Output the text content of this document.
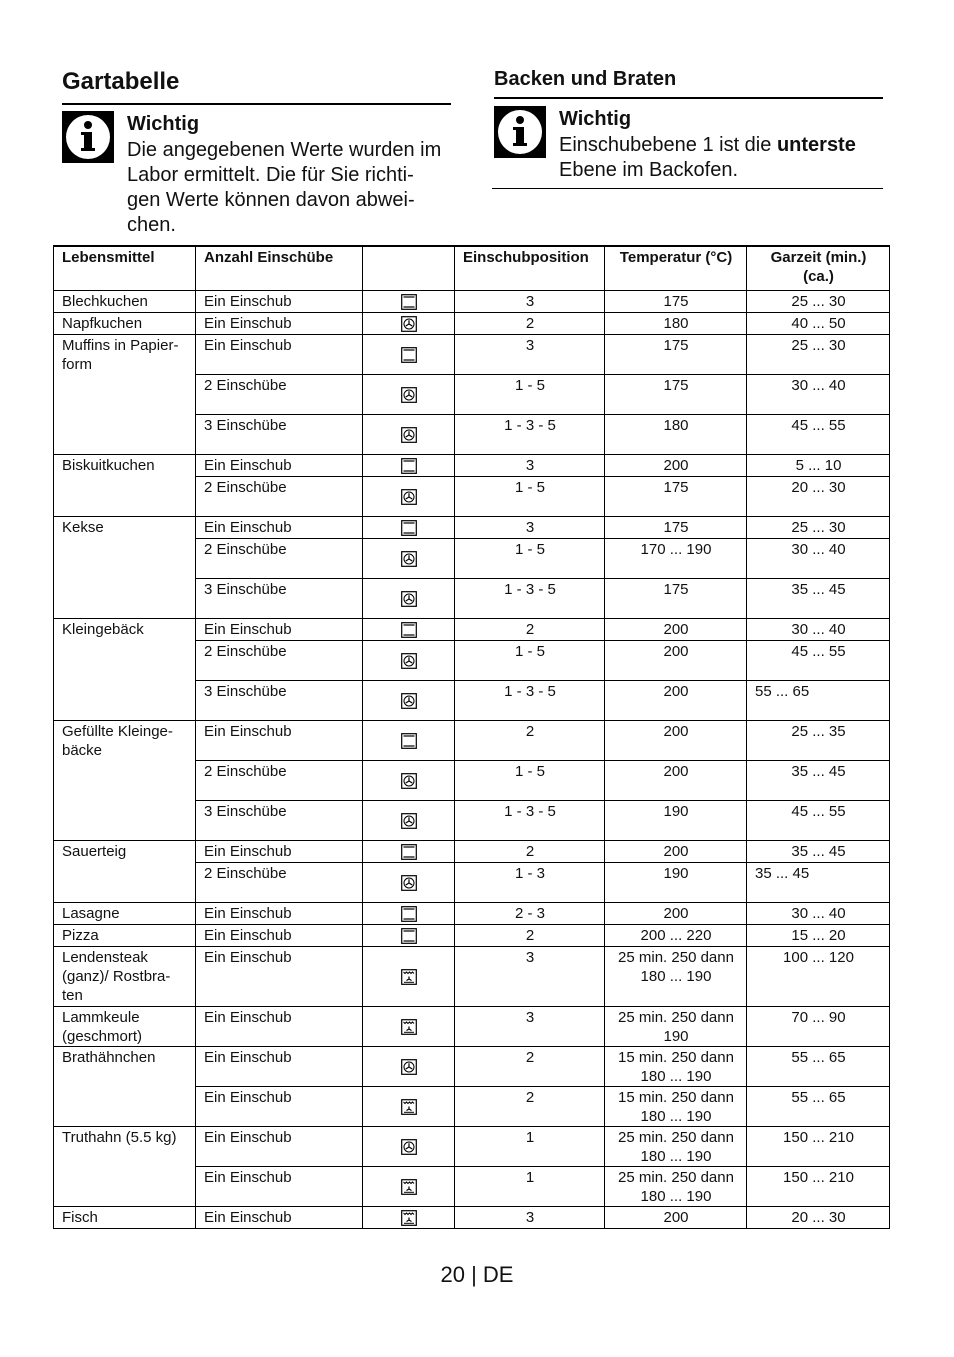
Gartabelle
Wichtig
Die angegebenen Werte wurden im
Labor ermittelt. Die für Sie richti-
gen Werte können davon abwei-
chen.
Backen und Braten
Wichtig
Einschubebene 1 ist die unterste
Ebene im Backofen.
Lebensmittel	Anzahl Einschübe		Einschubposition	Temperatur (°C)	Garzeit (min.) (ca.)
Blechkuchen	Ein Einschub		3	175	25 ... 30
Napfkuchen	Ein Einschub		2	180	40 ... 50
Muffins in Papier-form	Ein Einschub		3	175	25 ... 30
	2 Einschübe		1 - 5	175	30 ... 40
	3 Einschübe		1 - 3 - 5	180	45 ... 55
Biskuitkuchen	Ein Einschub		3	200	5 ... 10
	2 Einschübe		1 - 5	175	20 ... 30
Kekse	Ein Einschub		3	175	25 ... 30
	2 Einschübe		1 - 5	170 ... 190	30 ... 40
	3 Einschübe		1 - 3 - 5	175	35 ... 45
Kleingebäck	Ein Einschub		2	200	30 ... 40
	2 Einschübe		1 - 5	200	45 ... 55
	3 Einschübe		1 - 3 - 5	200	55 ... 65
Gefüllte Kleinge-bäcke	Ein Einschub		2	200	25 ... 35
	2 Einschübe		1 - 5	200	35 ... 45
	3 Einschübe		1 - 3 - 5	190	45 ... 55
Sauerteig	Ein Einschub		2	200	35 ... 45
	2 Einschübe		1 - 3	190	35 ... 45
Lasagne	Ein Einschub		2 - 3	200	30 ... 40
Pizza	Ein Einschub		2	200 ... 220	15 ... 20
Lendensteak (ganz)/ Rostbra-ten	Ein Einschub		3	25 min. 250 dann 180 ... 190	100 ... 120
Lammkeule (geschmort)	Ein Einschub		3	25 min. 250 dann 190	70 ... 90
Brathähnchen	Ein Einschub		2	15 min. 250 dann 180 ... 190	55 ... 65
	Ein Einschub		2	15 min. 250 dann 180 ... 190	55 ... 65
Truthahn (5.5 kg)	Ein Einschub		1	25 min. 250 dann 180 ... 190	150 ... 210
	Ein Einschub		1	25 min. 250 dann 180 ... 190	150 ... 210
Fisch	Ein Einschub		3	200	20 ... 30
20 | DE
